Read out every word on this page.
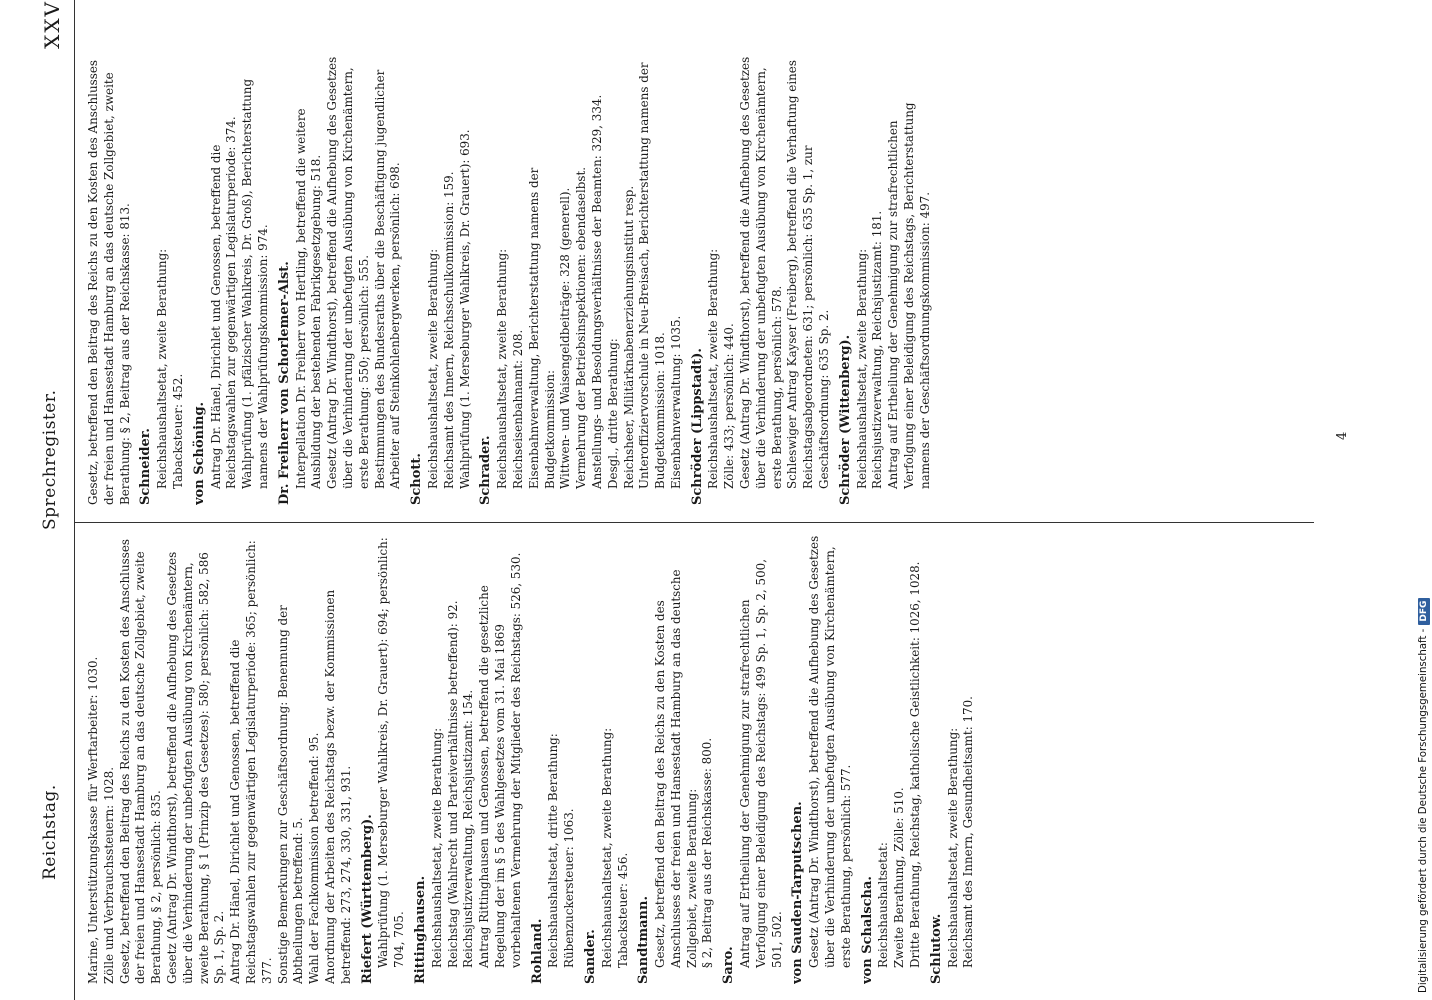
Reichstag.
Sprechregister.
XXV
Marine, Unterstützungskasse für Werftarbeiter: 1030. Zölle und Verbrauchssteuern: 1028. Gesetz, betreffend den Beitrag des Reichs zu den Kosten des Anschlusses der freien und Hansestadt Hamburg an das deutsche Zollgebiet, zweite Berathung, § 2, persönlich: 835. Gesetz (Antrag Dr. Windthorst), betreffend die Aufhebung des Gesetzes über die Verhinderung der unbefugten Ausübung von Kirchenämtern, zweite Berathung, § 1 (Prinzip des Gesetzes): 580; persönlich: 582, 586 Sp. 1, Sp. 2. Antrag Dr. Hänel, Dirichlet und Genossen, betreffend die Reichstagswahlen zur gegenwärtigen Legislaturperiode: 365; persönlich: 377. Sonstige Bemerkungen zur Geschäftsordnung: Benennung der Abtheilungen betreffend: 5. Wahl der Fachkommission betreffend: 95. Anordnung der Arbeiten des Reichstags bezw. der Kommissionen betreffend: 273, 274, 330, 331, 931. Riefert (Württemberg). Wahlprüfung (1. Merseburger Wahlkreis, Dr. Grauert): 694; persönlich: 704, 705. Rittinghausen. Reichshaushaltsetat, zweite Berathung: Reichstag (Wahlrecht und Parteiverhältnisse betreffend): 92. Reichsjustizverwaltung, Reichsjustizamt: 154. Antrag Rittinghausen und Genossen, betreffend die gesetzliche Regelung der im § 5 des Wahlgesetzes vom 31. Mai 1869 vorbehaltenen Vermehrung der Mitglieder des Reichstags: 526, 530. Rohland. Reichshaushaltsetat, dritte Berathung: Rübenzuckersteuer: 1063. Sander. Reichshaushaltsetat, zweite Berathung: Tabacksteuer: 456. Sandtmann. Gesetz, betreffend den Beitrag des Reichs zu den Kosten des Anschlusses der freien und Hansestadt Hamburg an das deutsche Zollgebiet, zweite Berathung: § 2, Beitrag aus der Reichskasse: 800. Saro. Antrag auf Ertheilung der Genehmigung zur strafrechtlichen Verfolgung einer Beleidigung des Reichstags: 499 Sp. 1, Sp. 2, 500, 501, 502. von Sauden-Tarputschen. Gesetz (Antrag Dr. Windthorst), betreffend die Aufhebung des Gesetzes über die Verhinderung der unbefugten Ausübung von Kirchenämtern, erste Berathung, persönlich: 577. von Schalscha. Reichshaushaltsetat: Zweite Berathung, Zölle: 510. Dritte Berathung, Reichstag, katholische Geistlichkeit: 1026, 1028. Schlutow. Reichshaushaltsetat, zweite Berathung: Reichsamt des Innern, Gesundheitsamt: 170.
Gesetz, betreffend den Beitrag des Reichs zu den Kosten des Anschlusses der freien und Hansestadt Hamburg an das deutsche Zollgebiet, zweite Berathung: § 2, Beitrag aus der Reichskasse: 813. Schneider. Reichshaushaltsetat, zweite Berathung: Tabacksteuer: 452. von Schöning. Antrag Dr. Hänel, Dirichlet und Genossen, betreffend die Reichstagswahlen zur gegenwärtigen Legislaturperiode: 374. Wahlprüfung (1. pfälzischer Wahlkreis, Dr. Groß), Berichterstattung namens der Wahlprüfungskommission: 974. Dr. Freiherr von Schorlemer-Alst. Interpellation Dr. Freiherr von Hertling, betreffend die weitere Ausbildung der bestehenden Fabrikgesetzgebung: 518. Gesetz (Antrag Dr. Windthorst), betreffend die Aufhebung des Gesetzes über die Verhinderung der unbefugten Ausübung von Kirchenämtern, erste Berathung: 550; persönlich: 555. Bestimmungen des Bundesraths über die Beschäftigung jugendlicher Arbeiter auf Steinkohlenbergwerken, persönlich: 698. Schott. Reichshaushaltsetat, zweite Berathung: Reichsamt des Innern, Reichsschulkommission: 159. Wahlprüfung (1. Merseburger Wahlkreis, Dr. Grauert): 693. Schrader. Reichshaushaltsetat, zweite Berathung: Reichseisenbahnamt: 208. Eisenbahnverwaltung, Berichterstattung namens der Budgetkommission: Wittwen- und Waisengeldbeiträge: 328 (generell). Vermehrung der Betriebsinspektionen: ebendaselbst. Anstellungs- und Besoldungsverhältnisse der Beamten: 329, 334. Desgl., dritte Berathung: Reichsheer, Militärknabenerziehungsinstitut resp. Unteroffiziervorschule in Neu-Breisach, Berichterstattung namens der Budgetkommission: 1018. Eisenbahnverwaltung: 1035. Schröder (Lippstadt). Reichshaushaltsetat, zweite Berathung: Zölle: 433; persönlich: 440. Gesetz (Antrag Dr. Windthorst), betreffend die Aufhebung des Gesetzes über die Verhinderung der unbefugten Ausübung von Kirchenämtern, erste Berathung, persönlich: 578. Schleswiger Antrag Kayser (Freiberg), betreffend die Verhaftung eines Reichstagsabgeordneten: 631; persönlich: 635 Sp. 1, zur Geschäftsordnung: 635 Sp. 2. Schröder (Wittenberg). Reichshaushaltsetat, zweite Berathung: Reichsjustizverwaltung, Reichsjustizamt: 181. Antrag auf Ertheilung der Genehmigung zur strafrechtlichen Verfolgung einer Beleidigung des Reichstags, Berichterstattung namens der Geschäftsordnungskommission: 497.	4
Digitalisierung gefördert durch die Deutsche Forschungsgemeinschaft -DFG
